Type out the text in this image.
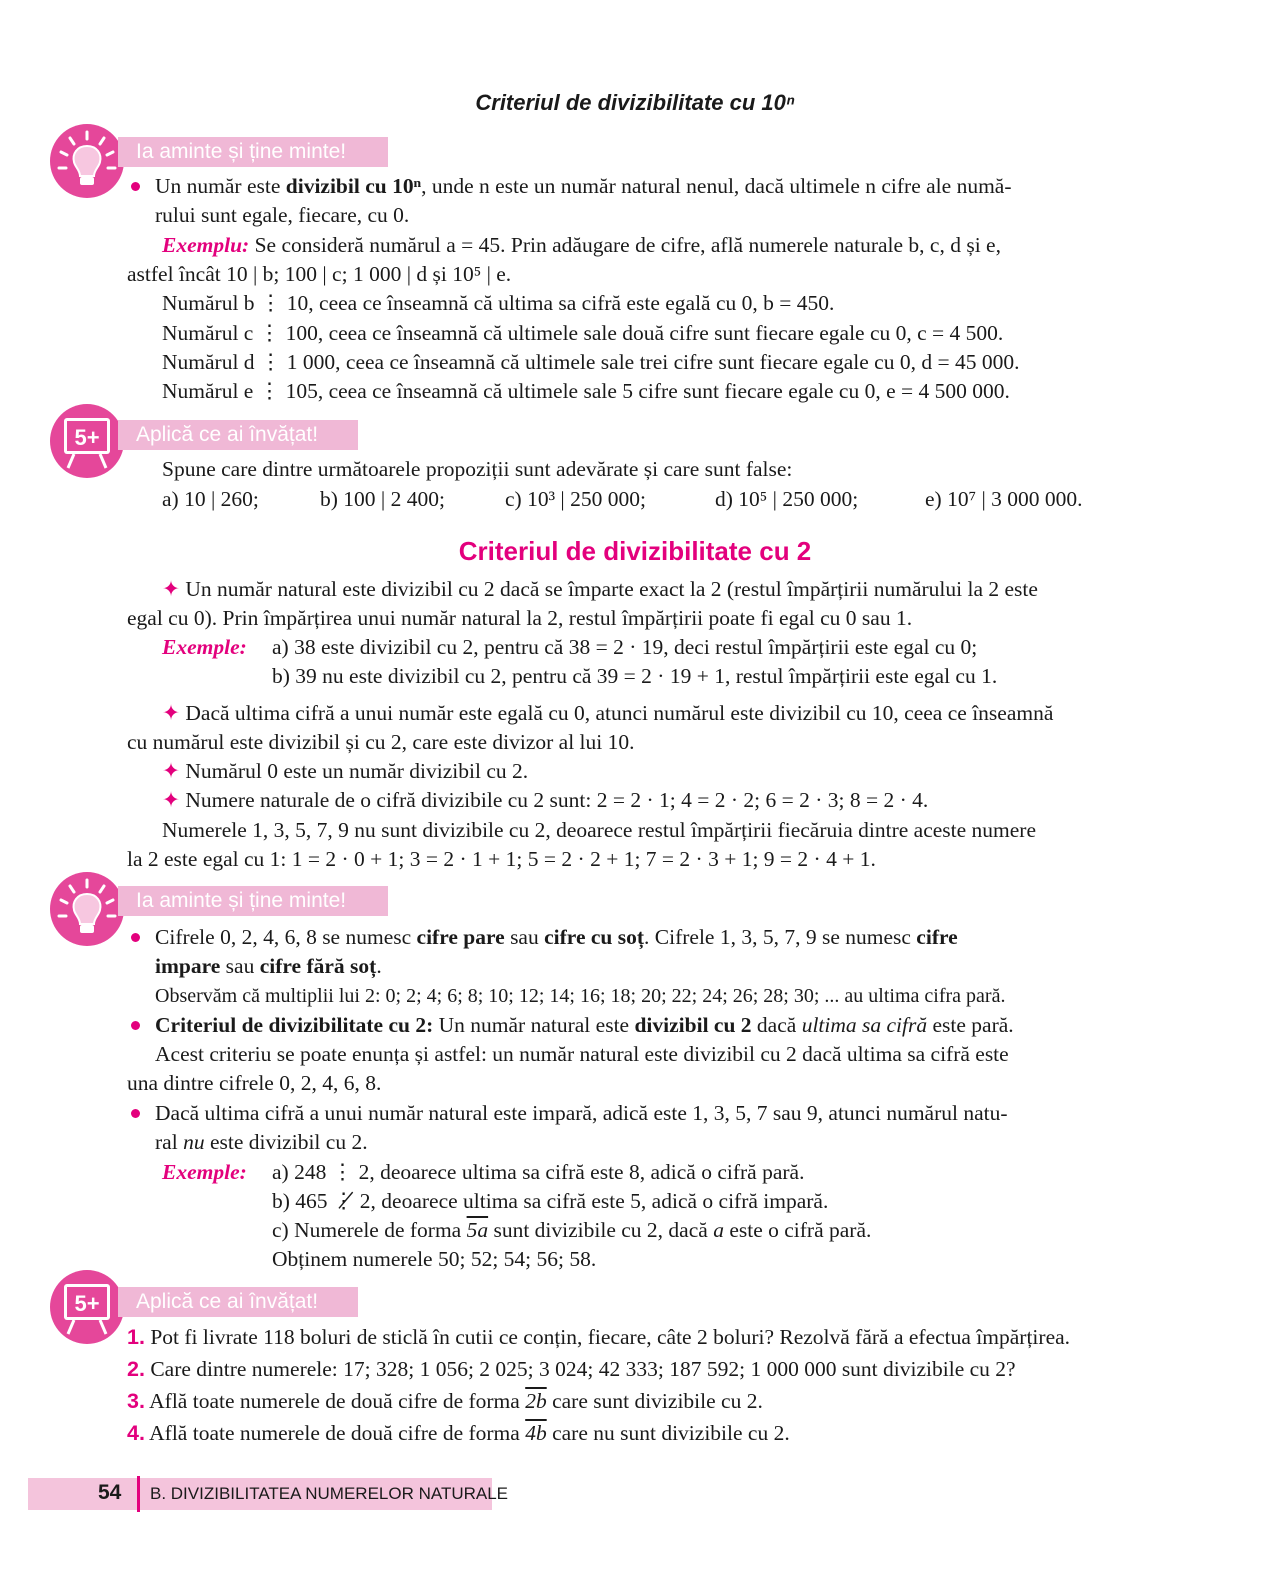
Criteriul de divizibilitate cu 10ⁿ
Ia aminte și ține minte!
Un număr este divizibil cu 10ⁿ, unde n este un număr natural nenul, dacă ultimele n cifre ale numă-
rului sunt egale, fiecare, cu 0.
Exemplu: Se consideră numărul a = 45. Prin adăugare de cifre, află numerele naturale b, c, d și e,
astfel încât 10 | b; 100 | c; 1 000 | d și 10⁵ | e.
Numărul b ⋮ 10, ceea ce înseamnă că ultima sa cifră este egală cu 0, b = 450.
Numărul c ⋮ 100, ceea ce înseamnă că ultimele sale două cifre sunt fiecare egale cu 0, c = 4 500.
Numărul d ⋮ 1 000, ceea ce înseamnă că ultimele sale trei cifre sunt fiecare egale cu 0, d = 45 000.
Numărul e ⋮ 105, ceea ce înseamnă că ultimele sale 5 cifre sunt fiecare egale cu 0, e = 4 500 000.
5+	Aplică ce ai învățat!
Spune care dintre următoarele propoziții sunt adevărate și care sunt false:
a) 10 | 260;	b) 100 | 2 400;	c) 10³ | 250 000;	d) 10⁵ | 250 000;	e) 10⁷ | 3 000 000.
Criteriul de divizibilitate cu 2
✦ Un număr natural este divizibil cu 2 dacă se împarte exact la 2 (restul împărțirii numărului la 2 este
egal cu 0). Prin împărțirea unui număr natural la 2, restul împărțirii poate fi egal cu 0 sau 1.
Exemple: a) 38 este divizibil cu 2, pentru că 38 = 2 · 19, deci restul împărțirii este egal cu 0;
b) 39 nu este divizibil cu 2, pentru că 39 = 2 · 19 + 1, restul împărțirii este egal cu 1.
✦ Dacă ultima cifră a unui număr este egală cu 0, atunci numărul este divizibil cu 10, ceea ce înseamnă
cu numărul este divizibil și cu 2, care este divizor al lui 10.
✦ Numărul 0 este un număr divizibil cu 2.
✦ Numere naturale de o cifră divizibile cu 2 sunt: 2 = 2 · 1; 4 = 2 · 2; 6 = 2 · 3; 8 = 2 · 4.
Numerele 1, 3, 5, 7, 9 nu sunt divizibile cu 2, deoarece restul împărțirii fiecăruia dintre aceste numere
la 2 este egal cu 1: 1 = 2 · 0 + 1; 3 = 2 · 1 + 1; 5 = 2 · 2 + 1; 7 = 2 · 3 + 1; 9 = 2 · 4 + 1.
Ia aminte și ține minte!
Cifrele 0, 2, 4, 6, 8 se numesc cifre pare sau cifre cu soț. Cifrele 1, 3, 5, 7, 9 se numesc cifre
impare sau cifre fără soț.
Observăm că multiplii lui 2: 0; 2; 4; 6; 8; 10; 12; 14; 16; 18; 20; 22; 24; 26; 28; 30; ... au ultima cifra pară.
Criteriul de divizibilitate cu 2: Un număr natural este divizibil cu 2 dacă ultima sa cifră este pară.
Acest criteriu se poate enunța și astfel: un număr natural este divizibil cu 2 dacă ultima sa cifră este
una dintre cifrele 0, 2, 4, 6, 8.
Dacă ultima cifră a unui număr natural este impară, adică este 1, 3, 5, 7 sau 9, atunci numărul natu-
ral nu este divizibil cu 2.
Exemple: a) 248 ⋮ 2, deoarece ultima sa cifră este 8, adică o cifră pară.
b) 465 ⋮̸ 2, deoarece ultima sa cifră este 5, adică o cifră impară.
c) Numerele de forma 5a sunt divizibile cu 2, dacă a este o cifră pară.
Obținem numerele 50; 52; 54; 56; 58.
5+	Aplică ce ai învățat!
1. Pot fi livrate 118 boluri de sticlă în cutii ce conțin, fiecare, câte 2 boluri? Rezolvă fără a efectua împărțirea.
2. Care dintre numerele: 17; 328; 1 056; 2 025; 3 024; 42 333; 187 592; 1 000 000 sunt divizibile cu 2?
3. Află toate numerele de două cifre de forma 2b care sunt divizibile cu 2.
4. Află toate numerele de două cifre de forma 4b care nu sunt divizibile cu 2.
54 B. DIVIZIBILITATEA NUMERELOR NATURALE
